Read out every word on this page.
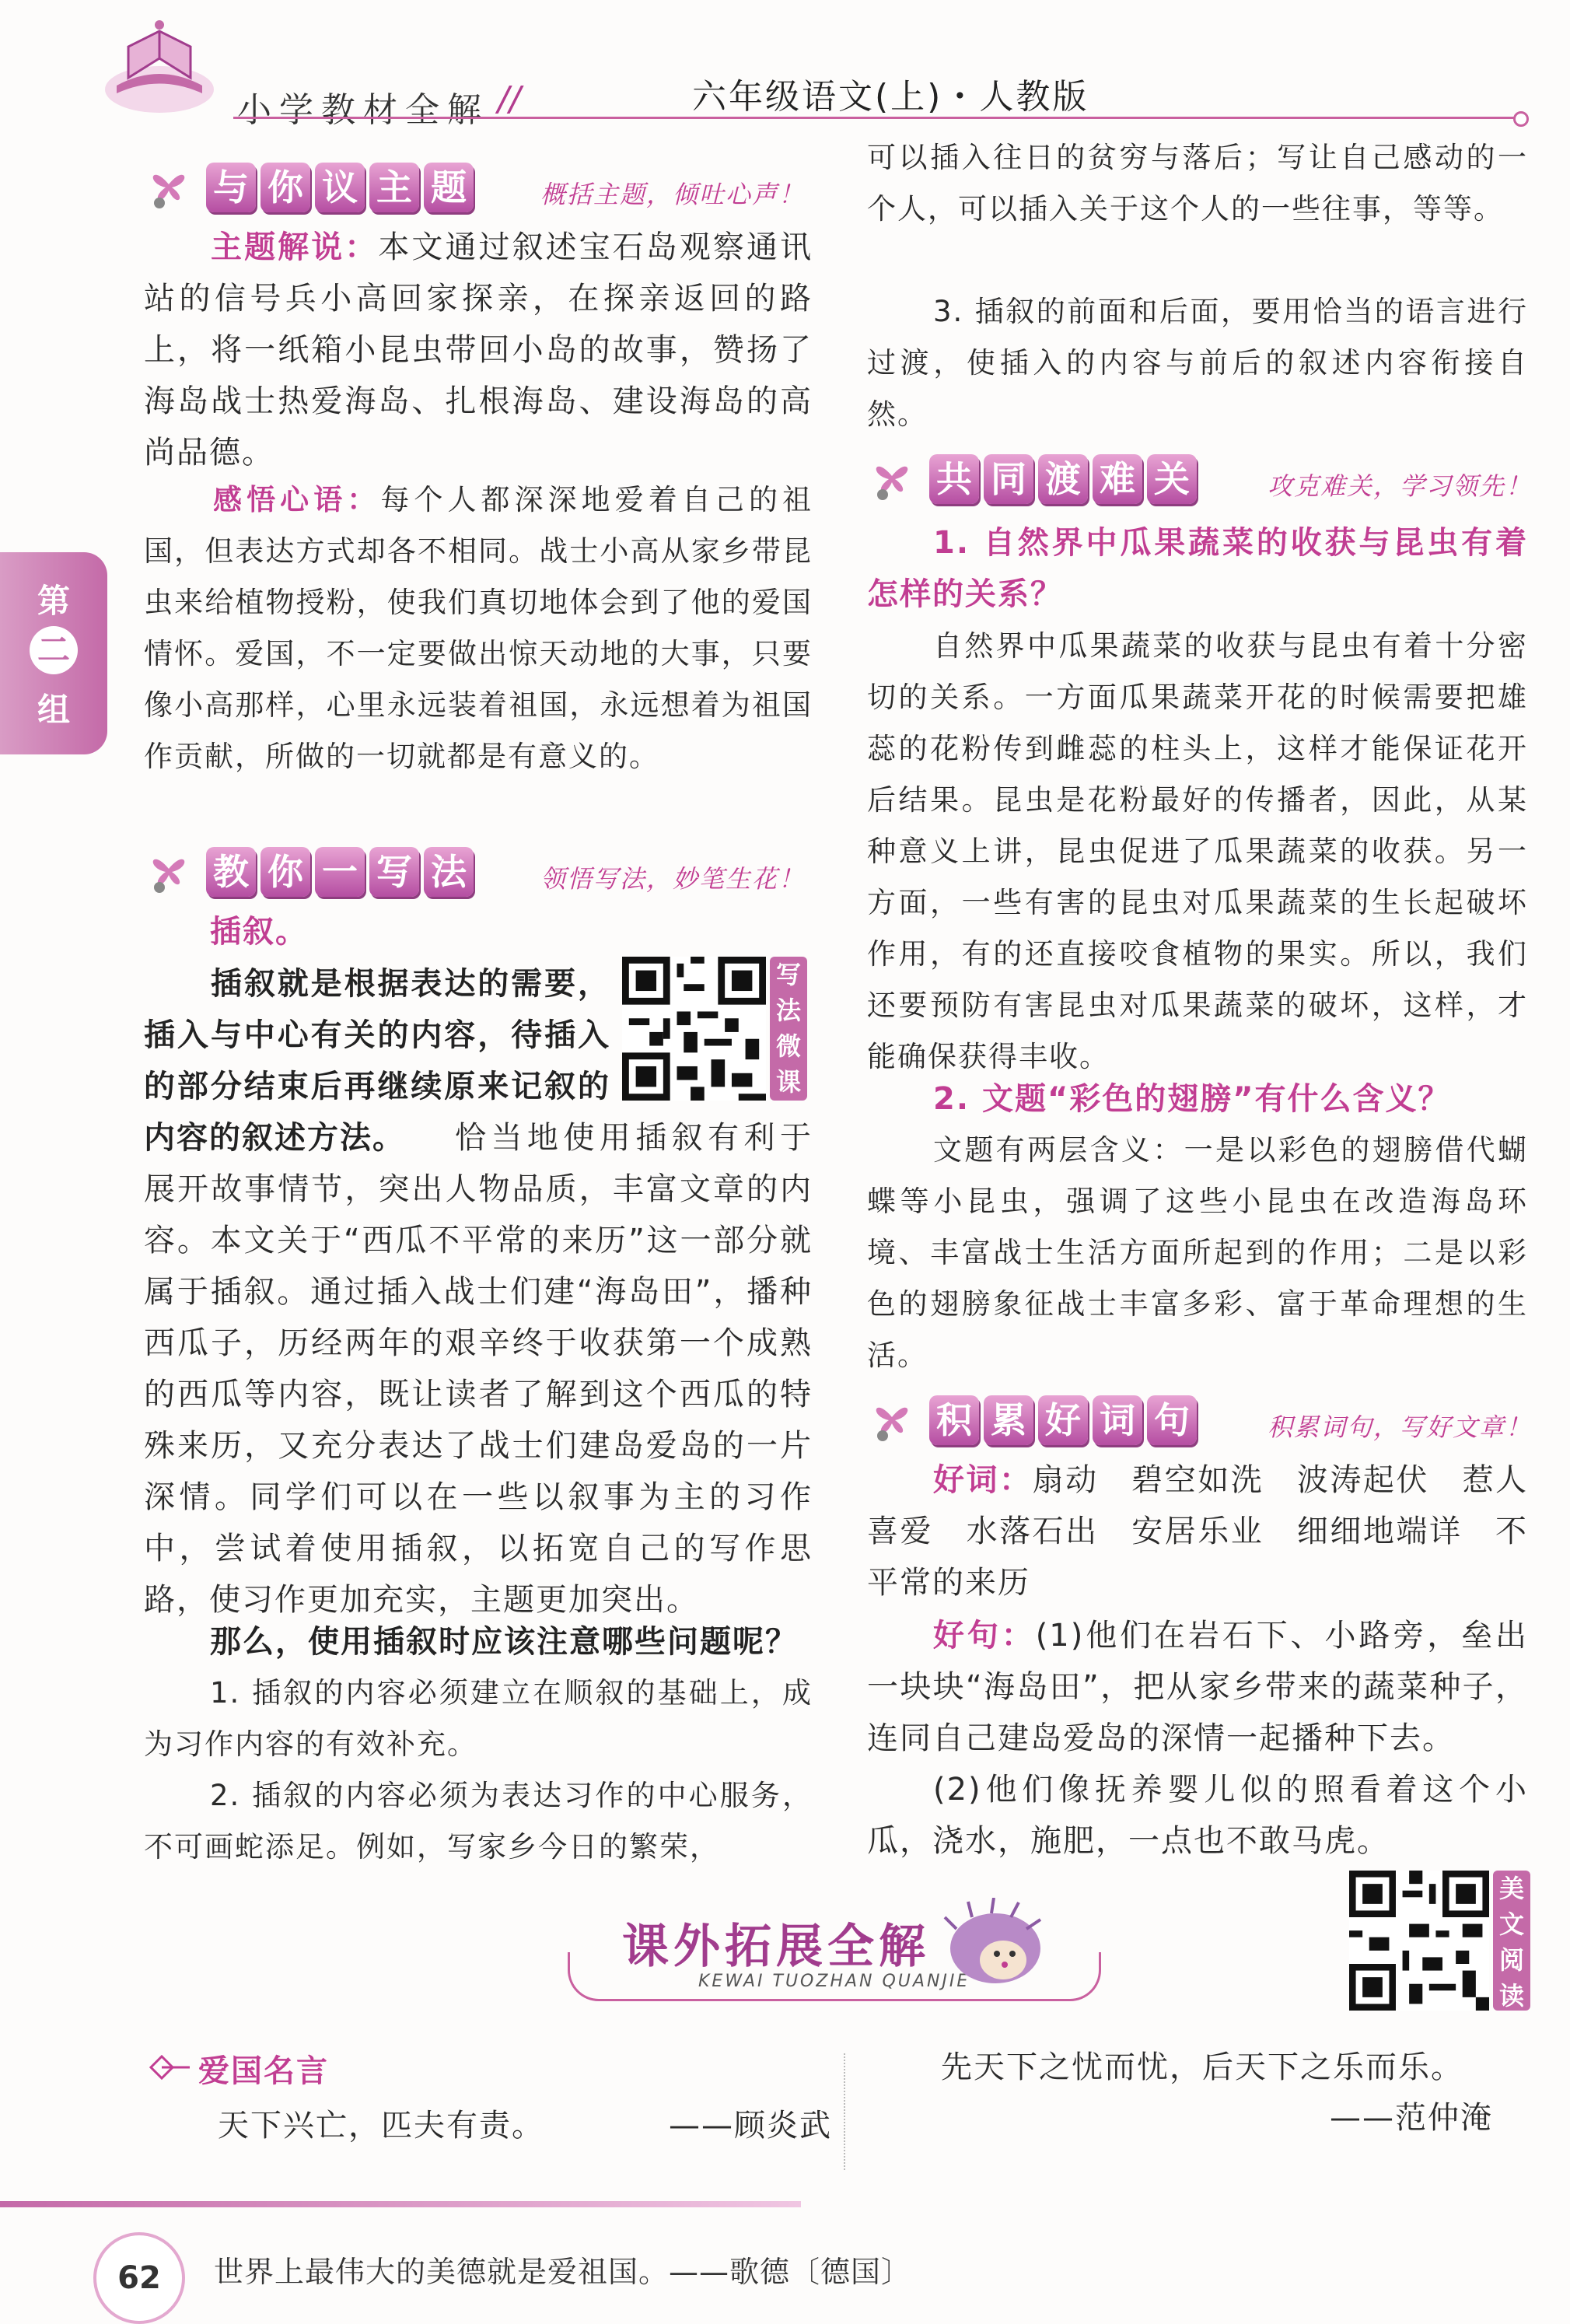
小学教材全解 //	六年级语文(上)・人教版
第
二
组
与 你 议 主 题	概括主题，倾吐心声！
主题解说：本文通过叙述宝石岛观察通讯站的信号兵小高回家探亲，在探亲返回的路上，将一纸箱小昆虫带回小岛的故事，赞扬了海岛战士热爱海岛、扎根海岛、建设海岛的高尚品德。
感悟心语：每个人都深深地爱着自己的祖国，但表达方式却各不相同。战士小高从家乡带昆虫来给植物授粉，使我们真切地体会到了他的爱国情怀。爱国，不一定要做出惊天动地的大事，只要像小高那样，心里永远装着祖国，永远想着为祖国作贡献，所做的一切就都是有意义的。
教 你 一 写 法	领悟写法，妙笔生花！
插叙。
写
法
微
课
插叙就是根据表达的需要，插入与中心有关的内容，待插入的部分结束后再继续原来记叙的内容的叙述方法。	恰当地使用插叙有利于展开故事情节，突出人物品质，丰富文章的内容。本文关于“西瓜不平常的来历”这一部分就属于插叙。通过插入战士们建“海岛田”，播种西瓜子，历经两年的艰辛终于收获第一个成熟的西瓜等内容，既让读者了解到这个西瓜的特殊来历，又充分表达了战士们建岛爱岛的一片深情。同学们可以在一些以叙事为主的习作中，尝试着使用插叙，以拓宽自己的写作思路，使习作更加充实，主题更加突出。
那么，使用插叙时应该注意哪些问题呢？
1. 插叙的内容必须建立在顺叙的基础上，成为习作内容的有效补充。
2. 插叙的内容必须为表达习作的中心服务，不可画蛇添足。例如，写家乡今日的繁荣，
可以插入往日的贫穷与落后；写让自己感动的一个人，可以插入关于这个人的一些往事，等等。
3. 插叙的前面和后面，要用恰当的语言进行过渡，使插入的内容与前后的叙述内容衔接自然。
共 同 渡 难 关	攻克难关，学习领先！
1. 自然界中瓜果蔬菜的收获与昆虫有着怎样的关系？
自然界中瓜果蔬菜的收获与昆虫有着十分密切的关系。一方面瓜果蔬菜开花的时候需要把雄蕊的花粉传到雌蕊的柱头上，这样才能保证花开后结果。昆虫是花粉最好的传播者，因此，从某种意义上讲，昆虫促进了瓜果蔬菜的收获。另一方面，一些有害的昆虫对瓜果蔬菜的生长起破坏作用，有的还直接咬食植物的果实。所以，我们还要预防有害昆虫对瓜果蔬菜的破坏，这样，才能确保获得丰收。
2. 文题“彩色的翅膀”有什么含义？
文题有两层含义：一是以彩色的翅膀借代蝴蝶等小昆虫，强调了这些小昆虫在改造海岛环境、丰富战士生活方面所起到的作用；二是以彩色的翅膀象征战士丰富多彩、富于革命理想的生活。
积 累 好 词 句	积累词句，写好文章！
好词：扇动　碧空如洗　波涛起伏　惹人喜爱　水落石出　安居乐业　细细地端详　不平常的来历
好句：(1)他们在岩石下、小路旁，垒出一块块“海岛田”，把从家乡带来的蔬菜种子，连同自己建岛爱岛的深情一起播种下去。
(2)他们像抚养婴儿似的照看着这个小瓜，浇水，施肥，一点也不敢马虎。
课外拓展全解
KEWAI TUOZHAN QUANJIE
美
文
阅
读
爱国名言
天下兴亡，匹夫有责。	——顾炎武
先天下之忧而忧，后天下之乐而乐。
——范仲淹
62	世界上最伟大的美德就是爱祖国。——歌德〔德国〕
